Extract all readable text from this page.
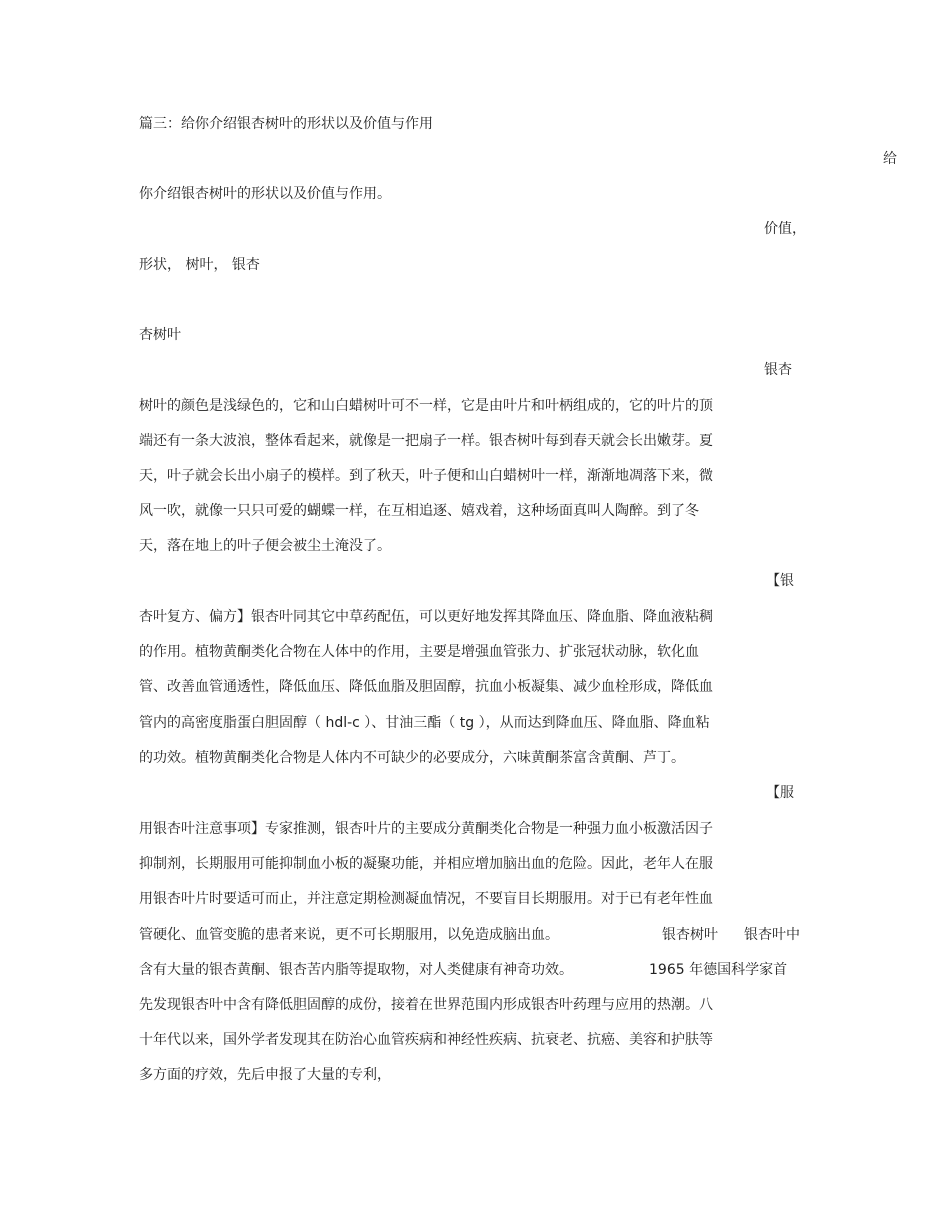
篇三：给你介绍银杏树叶的形状以及价值与作用
给
你介绍银杏树叶的形状以及价值与作用。
价值，
形状， 树叶， 银杏
杏树叶
银杏
树叶的颜色是浅绿色的，它和山白蜡树叶可不一样，它是由叶片和叶柄组成的，它的叶片的顶
端还有一条大波浪，整体看起来，就像是一把扇子一样。银杏树叶每到春天就会长出嫩芽。夏
天，叶子就会长出小扇子的模样。到了秋天，叶子便和山白蜡树叶一样，渐渐地凋落下来，微
风一吹，就像一只只可爱的蝴蝶一样，在互相追逐、嬉戏着，这种场面真叫人陶醉。到了冬
天，落在地上的叶子便会被尘土淹没了。
【银
杏叶复方、偏方】银杏叶同其它中草药配伍，可以更好地发挥其降血压、降血脂、降血液粘稠
的作用。植物黄酮类化合物在人体中的作用，主要是增强血管张力、扩张冠状动脉，软化血
管、改善血管通透性，降低血压、降低血脂及胆固醇，抗血小板凝集、减少血栓形成，降低血
管内的高密度脂蛋白胆固醇（ hdl-c ）、甘油三酯（ tg ），从而达到降血压、降血脂、降血粘
的功效。植物黄酮类化合物是人体内不可缺少的必要成分，六味黄酮茶富含黄酮、芦丁。
【服
用银杏叶注意事项】专家推测，银杏叶片的主要成分黄酮类化合物是一种强力血小板激活因子
抑制剂，长期服用可能抑制血小板的凝聚功能，并相应增加脑出血的危险。因此，老年人在服
用银杏叶片时要适可而止，并注意定期检测凝血情况，不要盲目长期服用。对于已有老年性血
管硬化、血管变脆的患者来说，更不可长期服用，以免造成脑出血。	银杏树叶 银杏叶中
含有大量的银杏黄酮、银杏苦内脂等提取物，对人类健康有神奇功效。	1965 年德国科学家首
先发现银杏叶中含有降低胆固醇的成份，接着在世界范围内形成银杏叶药理与应用的热潮。八
十年代以来，国外学者发现其在防治心血管疾病和神经性疾病、抗衰老、抗癌、美容和护肤等
多方面的疗效，先后申报了大量的专利，
